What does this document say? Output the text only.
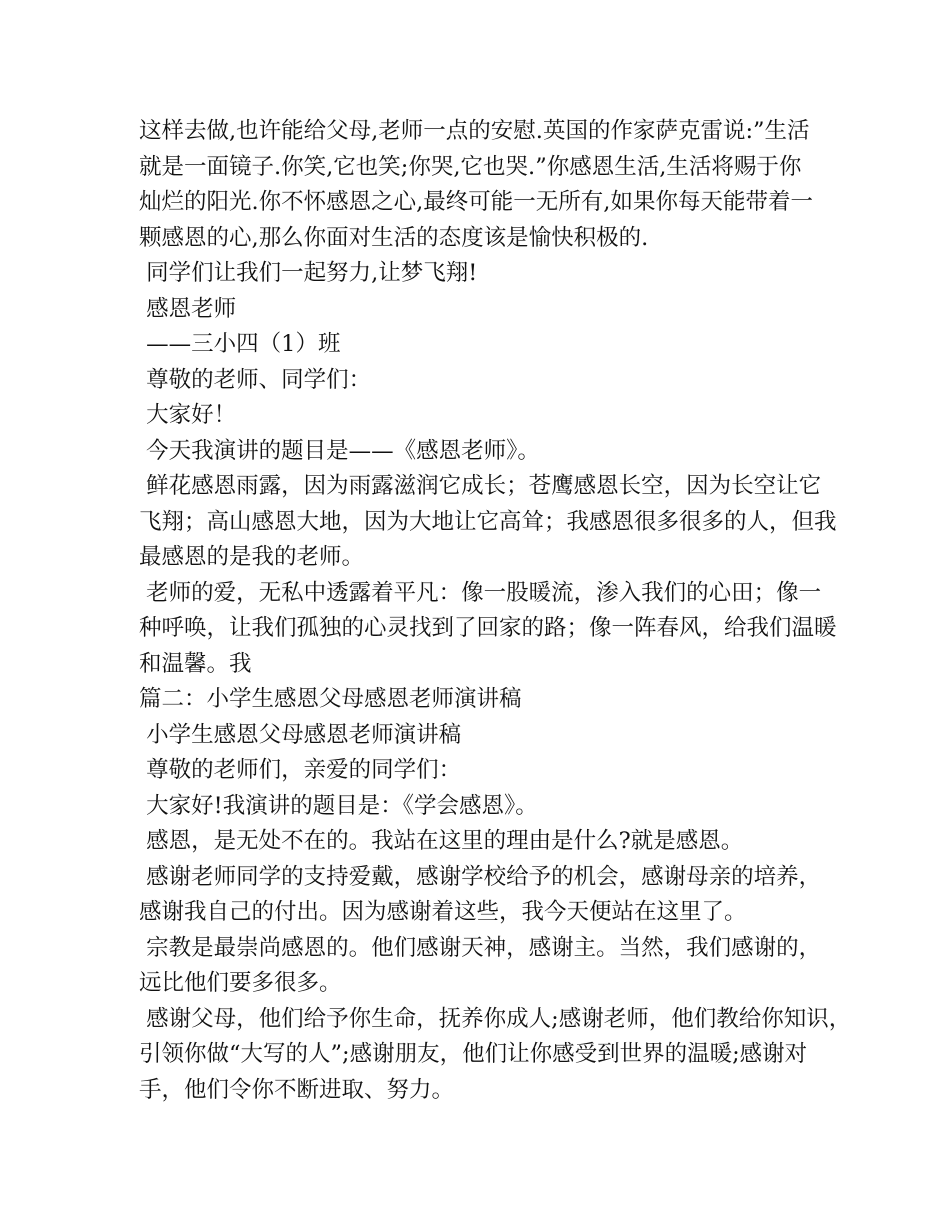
这样去做,也许能给父母,老师一点的安慰.英国的作家萨克雷说:”生活
就是一面镜子.你笑,它也笑;你哭,它也哭.”你感恩生活,生活将赐于你
灿烂的阳光.你不怀感恩之心,最终可能一无所有,如果你每天能带着一
颗感恩的心,那么你面对生活的态度该是愉快积极的.
同学们让我们一起努力,让梦飞翔!
感恩老师
——三小四（1）班
尊敬的老师、同学们：
大家好！
今天我演讲的题目是——《感恩老师》。
鲜花感恩雨露，因为雨露滋润它成长；苍鹰感恩长空，因为长空让它
飞翔；高山感恩大地，因为大地让它高耸；我感恩很多很多的人，但我
最感恩的是我的老师。
老师的爱，无私中透露着平凡：像一股暖流，渗入我们的心田；像一
种呼唤，让我们孤独的心灵找到了回家的路；像一阵春风，给我们温暖
和温馨。我
篇二：小学生感恩父母感恩老师演讲稿
小学生感恩父母感恩老师演讲稿
尊敬的老师们，亲爱的同学们：
大家好!我演讲的题目是：《学会感恩》。
感恩，是无处不在的。我站在这里的理由是什么?就是感恩。
感谢老师同学的支持爱戴，感谢学校给予的机会，感谢母亲的培养，
感谢我自己的付出。因为感谢着这些，我今天便站在这里了。
宗教是最崇尚感恩的。他们感谢天神，感谢主。当然，我们感谢的，
远比他们要多很多。
感谢父母，他们给予你生命，抚养你成人;感谢老师，他们教给你知识，
引领你做“大写的人”;感谢朋友，他们让你感受到世界的温暖;感谢对
手，他们令你不断进取、努力。
